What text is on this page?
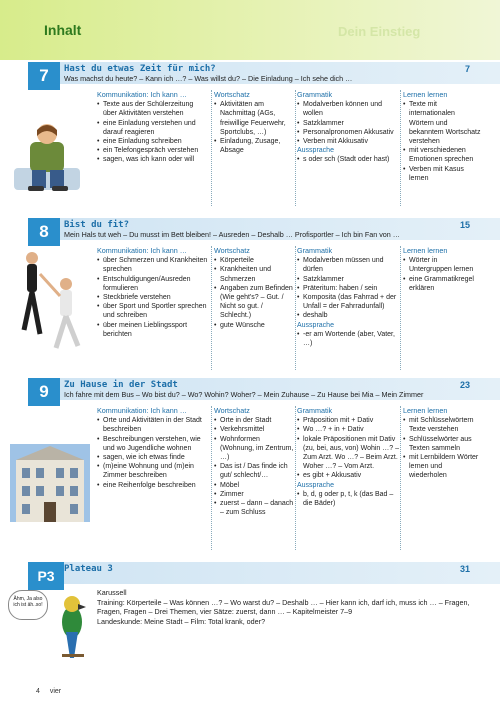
Inhalt	Dein Einstieg
7	Hast du etwas Zeit für mich?	7
Was machst du heute? – Kann ich …? – Was willst du? – Die Einladung – Ich sehe dich …
Kommunikation: Ich kann …
• Texte aus der Schülerzeitung über Aktivitäten verstehen
• eine Einladung verstehen und darauf reagieren
• eine Einladung schreiben
• ein Telefongespräch verstehen
• sagen, was ich kann oder will
Wortschatz
• Aktivitäten am Nachmittag (AGs, freiwillige Feuerwehr, Sportclubs, …)
• Einladung, Zusage, Absage
Grammatik
• Modalverben können und wollen
• Satzklammer
• Personalpronomen Akkusativ
• Verben mit Akkusativ
Aussprache
• s oder sch (Stadt oder hast)
Lernen lernen
• Texte mit internationalen Wörtern und bekanntem Wortschatz verstehen
• mit verschiedenen Emotionen sprechen
• Verben mit Kasus lernen
8	Bist du fit?	15
Mein Hals tut weh – Du musst im Bett bleiben! – Ausreden – Deshalb … Profisportler – Ich bin Fan von …
Kommunikation: Ich kann …
• über Schmerzen und Krankheiten sprechen
• Entschuldigungen/Ausreden formulieren
• Steckbriefe verstehen
• über Sport und Sportler sprechen und schreiben
• über meinen Lieblingssport berichten
Wortschatz
• Körperteile
• Krankheiten und Schmerzen
• Angaben zum Befinden (Wie geht's? – Gut. / Nicht so gut. / Schlecht.)
• gute Wünsche
Grammatik
• Modalverben müssen und dürfen
• Satzklammer
• Präteritum: haben / sein
• Komposita (das Fahrrad + der Unfall = der Fahrradunfall)
• deshalb
Aussprache
• -er am Wortende (aber, Vater, …)
Lernen lernen
• Wörter in Untergruppen lernen
• eine Grammatikregel erklären
9	Zu Hause in der Stadt	23
Ich fahre mit dem Bus – Wo bist du? – Wo? Wohin? Woher? – Mein Zuhause – Zu Hause bei Mia – Mein Zimmer
Kommunikation: Ich kann …
• Orte und Aktivitäten in der Stadt beschreiben
• Beschreibungen verstehen, wie und wo Jugendliche wohnen
• sagen, wie ich etwas finde
• (m)eine Wohnung und (m)ein Zimmer beschreiben
• eine Reihenfolge beschreiben
Wortschatz
• Orte in der Stadt
• Verkehrsmittel
• Wohnformen (Wohnung, im Zentrum, …)
• Das ist / Das finde ich gut/ schlecht/…
• Möbel
• Zimmer
• zuerst – dann – danach – zum Schluss
Grammatik
• Präposition mit + Dativ
• Wo …? + in + Dativ
• lokale Präpositionen mit Dativ (zu, bei, aus, von) Wohin …? – Zum Arzt. Wo …? – Beim Arzt. Woher …? – Vom Arzt.
• es gibt + Akkusativ
Aussprache
• b, d, g oder p, t, k (das Bad – die Bäder)
Lernen lernen
• mit Schlüsselwörtern Texte verstehen
• Schlüsselwörter aus Texten sammeln
• mit Lernbildern Wörter lernen und wiederholen
P3	Plateau 3	31
Ähm, Ja also ich ist äh..so!
Karussell
Training: Körperteile – Was können …? – Wo warst du? – Deshalb … – Hier kann ich, darf ich, muss ich … – Fragen, Fragen, Fragen – Drei Themen, vier Sätze: zuerst, dann … – Kapitelmeister 7–9
Landeskunde: Meine Stadt – Film: Total krank, oder?
4 vier
